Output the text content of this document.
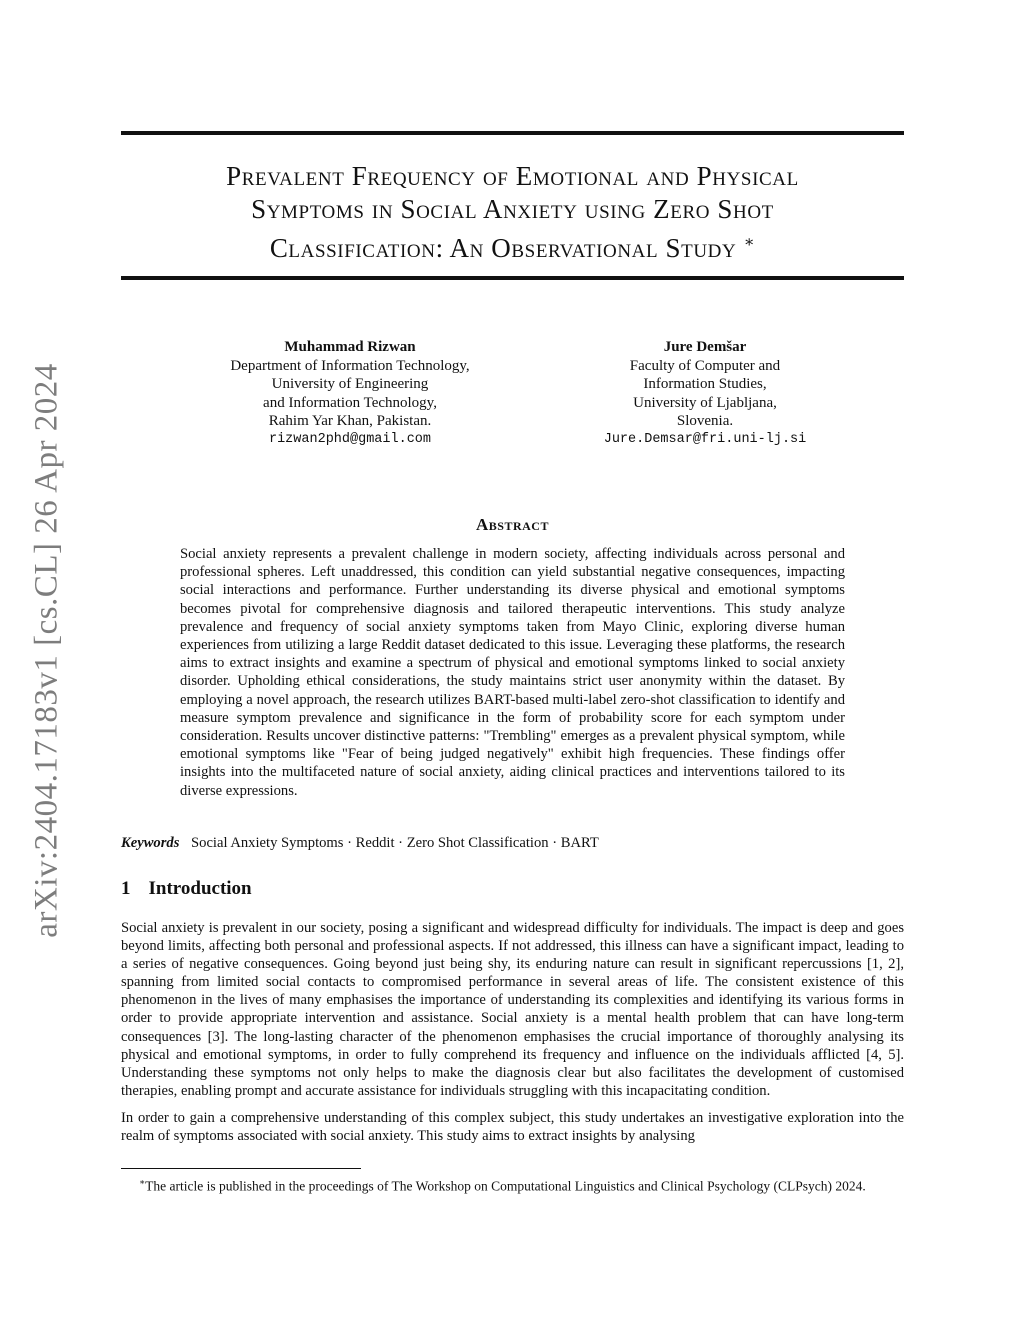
arXiv:2404.17183v1 [cs.CL] 26 Apr 2024
Prevalent Frequency of Emotional and Physical
Symptoms in Social Anxiety using Zero Shot
Classification: An Observational Study ∗
Muhammad Rizwan
Department of Information Technology,
University of Engineering
and Information Technology,
Rahim Yar Khan, Pakistan.
rizwan2phd@gmail.com
Jure Demšar
Faculty of Computer and
Information Studies,
University of Ljabljana,
Slovenia.
Jure.Demsar@fri.uni-lj.si
Abstract
Social anxiety represents a prevalent challenge in modern society, affecting individuals across personal and professional spheres. Left unaddressed, this condition can yield substantial negative consequences, impacting social interactions and performance. Further understanding its diverse physical and emotional symptoms becomes pivotal for comprehensive diagnosis and tailored therapeutic interventions. This study analyze prevalence and frequency of social anxiety symptoms taken from Mayo Clinic, exploring diverse human experiences from utilizing a large Reddit dataset dedicated to this issue. Leveraging these platforms, the research aims to extract insights and examine a spectrum of physical and emotional symptoms linked to social anxiety disorder. Upholding ethical considerations, the study maintains strict user anonymity within the dataset. By employing a novel approach, the research utilizes BART-based multi-label zero-shot classification to identify and measure symptom prevalence and significance in the form of probability score for each symptom under consideration. Results uncover distinctive patterns: "Trembling" emerges as a prevalent physical symptom, while emotional symptoms like "Fear of being judged negatively" exhibit high frequencies. These findings offer insights into the multifaceted nature of social anxiety, aiding clinical practices and interventions tailored to its diverse expressions.
Keywords Social Anxiety Symptoms · Reddit · Zero Shot Classification · BART
1 Introduction

Social anxiety is prevalent in our society, posing a significant and widespread difficulty for individuals. The impact is deep and goes beyond limits, affecting both personal and professional aspects. If not addressed, this illness can have a significant impact, leading to a series of negative consequences. Going beyond just being shy, its enduring nature can result in significant repercussions [1, 2], spanning from limited social contacts to compromised performance in several areas of life. The consistent existence of this phenomenon in the lives of many emphasises the importance of understanding its complexities and identifying its various forms in order to provide appropriate intervention and assistance. Social anxiety is a mental health problem that can have long-term consequences [3]. The long-lasting character of the phenomenon emphasises the crucial importance of thoroughly analysing its physical and emotional symptoms, in order to fully comprehend its frequency and influence on the individuals afflicted [4, 5]. Understanding these symptoms not only helps to make the diagnosis clear but also facilitates the development of customised therapies, enabling prompt and accurate assistance for individuals struggling with this incapacitating condition.

In order to gain a comprehensive understanding of this complex subject, this study undertakes an investigative exploration into the realm of symptoms associated with social anxiety. This study aims to extract insights by analysing

∗The article is published in the proceedings of The Workshop on Computational Linguistics and Clinical Psychology (CLPsych) 2024.
